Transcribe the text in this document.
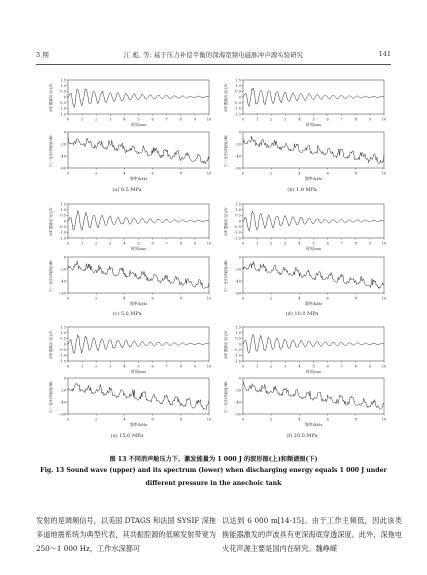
3 期	江 彪, 等: 基于压力补偿平衡的深海宽频电磁脉冲声源实验研究	141
1.5
1.0
0.5
0
-0.5
-1.0
-1.5
0	1	2	3	4	5	6	7	8	9	10
时间/ms
水听器输出电压/V
0
-20
-40
-60
0	2	4	6	8	10
频率/kHz
归一化相对幅值/dB
(a) 0.5 MPa
1.5
1.0
0.5
0
-0.5
-1.0
-1.5
0	1	2	3	4	5	6	7	8	9	10
时间/ms
水听器输出电压/V
0
-20
-40
-60
0	2	4	6	8	10
频率/kHz
归一化相对幅值/dB
(b) 1.0 MPa
1.5
1.0
0.5
0
-0.5
-1.0
-1.5
0	1	2	3	4	5	6	7	8	9	10
时间/ms
水听器输出电压/V
0
-20
-40
-60
0	2	4	6	8	10
频率/kHz
归一化相对幅值/dB
(c) 5.0 MPa
1.5
1.0
0.5
0
-0.5
-1.0
-1.5
0	1	2	3	4	5	6	7	8	9	10
时间/ms
水听器输出电压/V
0
-20
-40
-60
0	2	4	6	8	10
频率/kHz
归一化相对幅值/dB
(d) 10.0 MPa
1.5
1.0
0.5
0
-0.5
-1.0
-1.5
0	1	2	3	4	5	6	7	8	9	10
时间/ms
水听器输出电压/V
0
-20
-40
-60
0	2	4	6	8	10
频率/kHz
归一化相对幅值/dB
(e) 15.0 MPa
1.5
1.0
0.5
0
-0.5
-1.0
-1.5
0	1	2	3	4	5	6	7	8	9	10
时间/ms
水听器输出电压/V
0
-20
-40
-60
0	2	4	6	8	10
频率/kHz
归一化相对幅值/dB
(f) 20.0 MPa
图 13 不同消声舱压力下，激发能量为 1 000 J 的波形图(上)和频谱图(下)
Fig. 13 Sound wave (upper) and its spectrum (lower) when discharging energy equals 1 000 J under
different pressure in the anechoic tank

发射的是调频信号，以美国 DTAGS 和法国 SYSIF 深拖多道地震系统为典型代表，其共振腔源的低频发射带宽为 250～1 000 Hz，工作水深都可

以达到 6 000 m[14-15]。由于工作主频低，因此该类换能器激发的声波具有更深海底穿透深度。此外，深拖电火花声源主要是国内在研究。魏峥嵘
